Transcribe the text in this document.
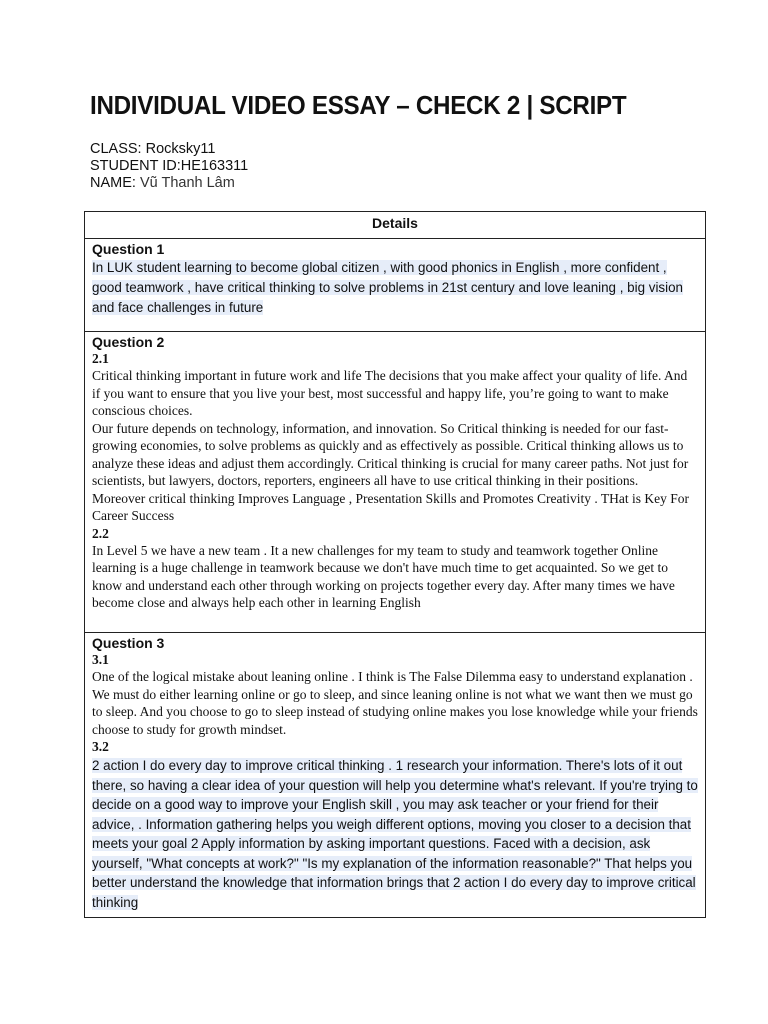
INDIVIDUAL VIDEO ESSAY – CHECK 2 | SCRIPT
CLASS: Rocksky11
STUDENT ID:HE163311
NAME: Vũ Thanh Lâm
Details

Question 1

In LUK student learning to become global citizen , with good phonics in English , more confident , good teamwork , have critical thinking to solve problems in 21st century and love leaning , big vision and face challenges in future

Question 2
2.1

Critical thinking important in future work and life The decisions that you make affect your quality of life. And if you want to ensure that you live your best, most successful and happy life, you’re going to want to make conscious choices.

Our future depends on technology, information, and innovation. So Critical thinking is needed for our fast-growing economies, to solve problems as quickly and as effectively as possible. Critical thinking allows us to analyze these ideas and adjust them accordingly. Critical thinking is crucial for many career paths. Not just for scientists, but lawyers, doctors, reporters, engineers all have to use critical thinking in their positions.

Moreover critical thinking Improves Language , Presentation Skills and Promotes Creativity . THat is Key For Career Success

2.2

In Level 5 we have a new team . It a new challenges for my team to study and teamwork together Online learning is a huge challenge in teamwork because we don't have much time to get acquainted. So we get to know and understand each other through working on projects together every day. After many times we have become close and always help each other in learning English

Question 3
3.1

One of the logical mistake about leaning online . I think is The False Dilemma easy to understand explanation . We must do either learning online or go to sleep, and since leaning online is not what we want then we must go to sleep. And you choose to go to sleep instead of studying online makes you lose knowledge while your friends choose to study for growth mindset.

3.2

2 action I do every day to improve critical thinking . 1 research your information. There's lots of it out there, so having a clear idea of your question will help you determine what's relevant. If you're trying to decide on a good way to improve your English skill , you may ask teacher or your friend for their advice, . Information gathering helps you weigh different options, moving you closer to a decision that meets your goal 2 Apply information by asking important questions. Faced with a decision, ask yourself, "What concepts at work?" "Is my explanation of the information reasonable?" That helps you better understand the knowledge that information brings that 2 action I do every day to improve critical thinking
